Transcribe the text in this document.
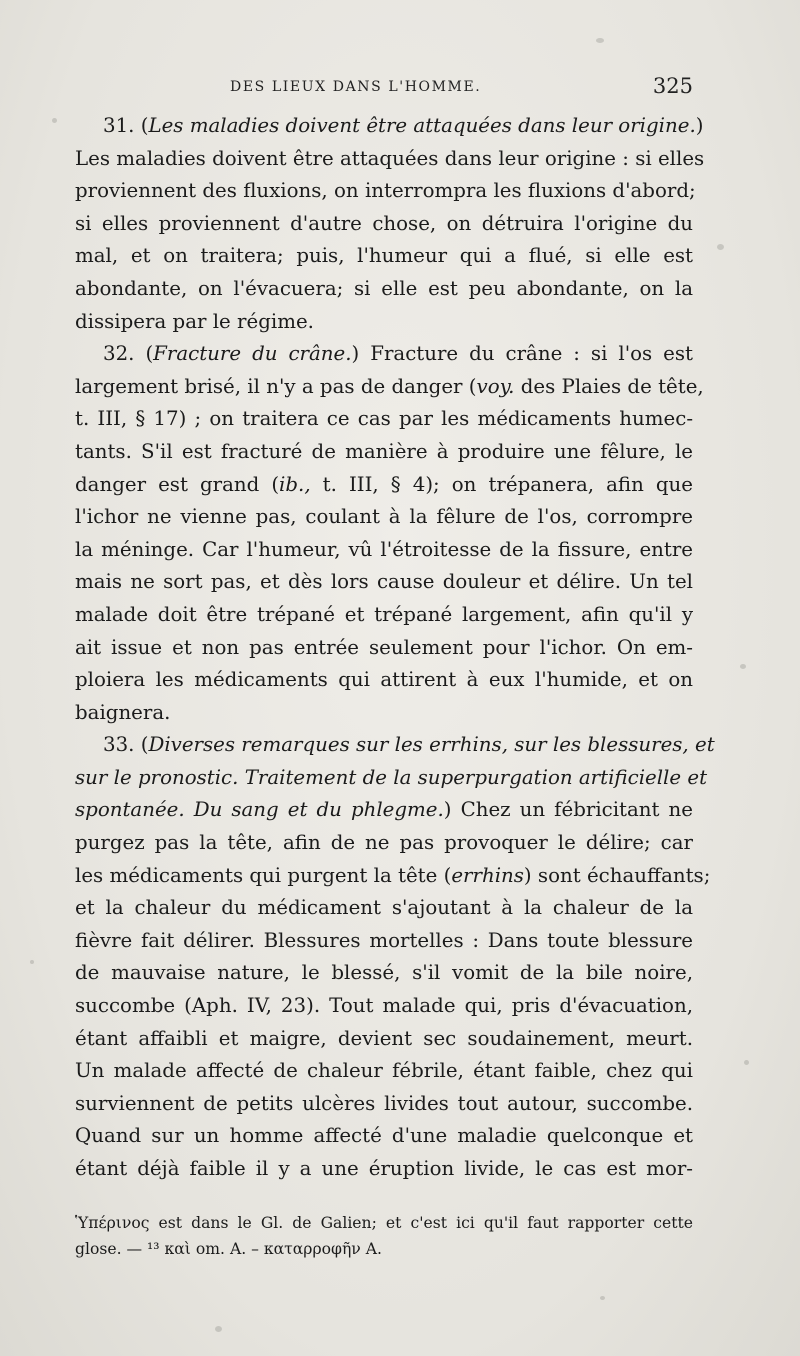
DES LIEUX DANS L'HOMME.	325
31. (Les maladies doivent être attaquées dans leur origine.)
Les maladies doivent être attaquées dans leur origine : si elles
proviennent des fluxions, on interrompra les fluxions d'abord;
si elles proviennent d'autre chose, on détruira l'origine du
mal, et on traitera; puis, l'humeur qui a flué, si elle est
abondante, on l'évacuera; si elle est peu abondante, on la
dissipera par le régime.
32. (Fracture du crâne.) Fracture du crâne : si l'os est
largement brisé, il n'y a pas de danger (voy. des Plaies de tête,
t. III, § 17) ; on traitera ce cas par les médicaments humec-
tants. S'il est fracturé de manière à produire une fêlure, le
danger est grand (ib., t. III, § 4); on trépanera, afin que
l'ichor ne vienne pas, coulant à la fêlure de l'os, corrompre
la méninge. Car l'humeur, vû l'étroitesse de la fissure, entre
mais ne sort pas, et dès lors cause douleur et délire. Un tel
malade doit être trépané et trépané largement, afin qu'il y
ait issue et non pas entrée seulement pour l'ichor. On em-
ploiera les médicaments qui attirent à eux l'humide, et on
baignera.
33. (Diverses remarques sur les errhins, sur les blessures, et
sur le pronostic. Traitement de la superpurgation artificielle et
spontanée. Du sang et du phlegme.) Chez un fébricitant ne
purgez pas la tête, afin de ne pas provoquer le délire; car
les médicaments qui purgent la tête (errhins) sont échauffants;
et la chaleur du médicament s'ajoutant à la chaleur de la
fièvre fait délirer. Blessures mortelles : Dans toute blessure
de mauvaise nature, le blessé, s'il vomit de la bile noire,
succombe (Aph. IV, 23). Tout malade qui, pris d'évacuation,
étant affaibli et maigre, devient sec soudainement, meurt.
Un malade affecté de chaleur fébrile, étant faible, chez qui
surviennent de petits ulcères livides tout autour, succombe.
Quand sur un homme affecté d'une maladie quelconque et
étant déjà faible il y a une éruption livide, le cas est mor-
Ὑπέρινος est dans le Gl. de Galien; et c'est ici qu'il faut rapporter cette
glose. — ¹³ καὶ om. A. – καταρροφῆν A.
